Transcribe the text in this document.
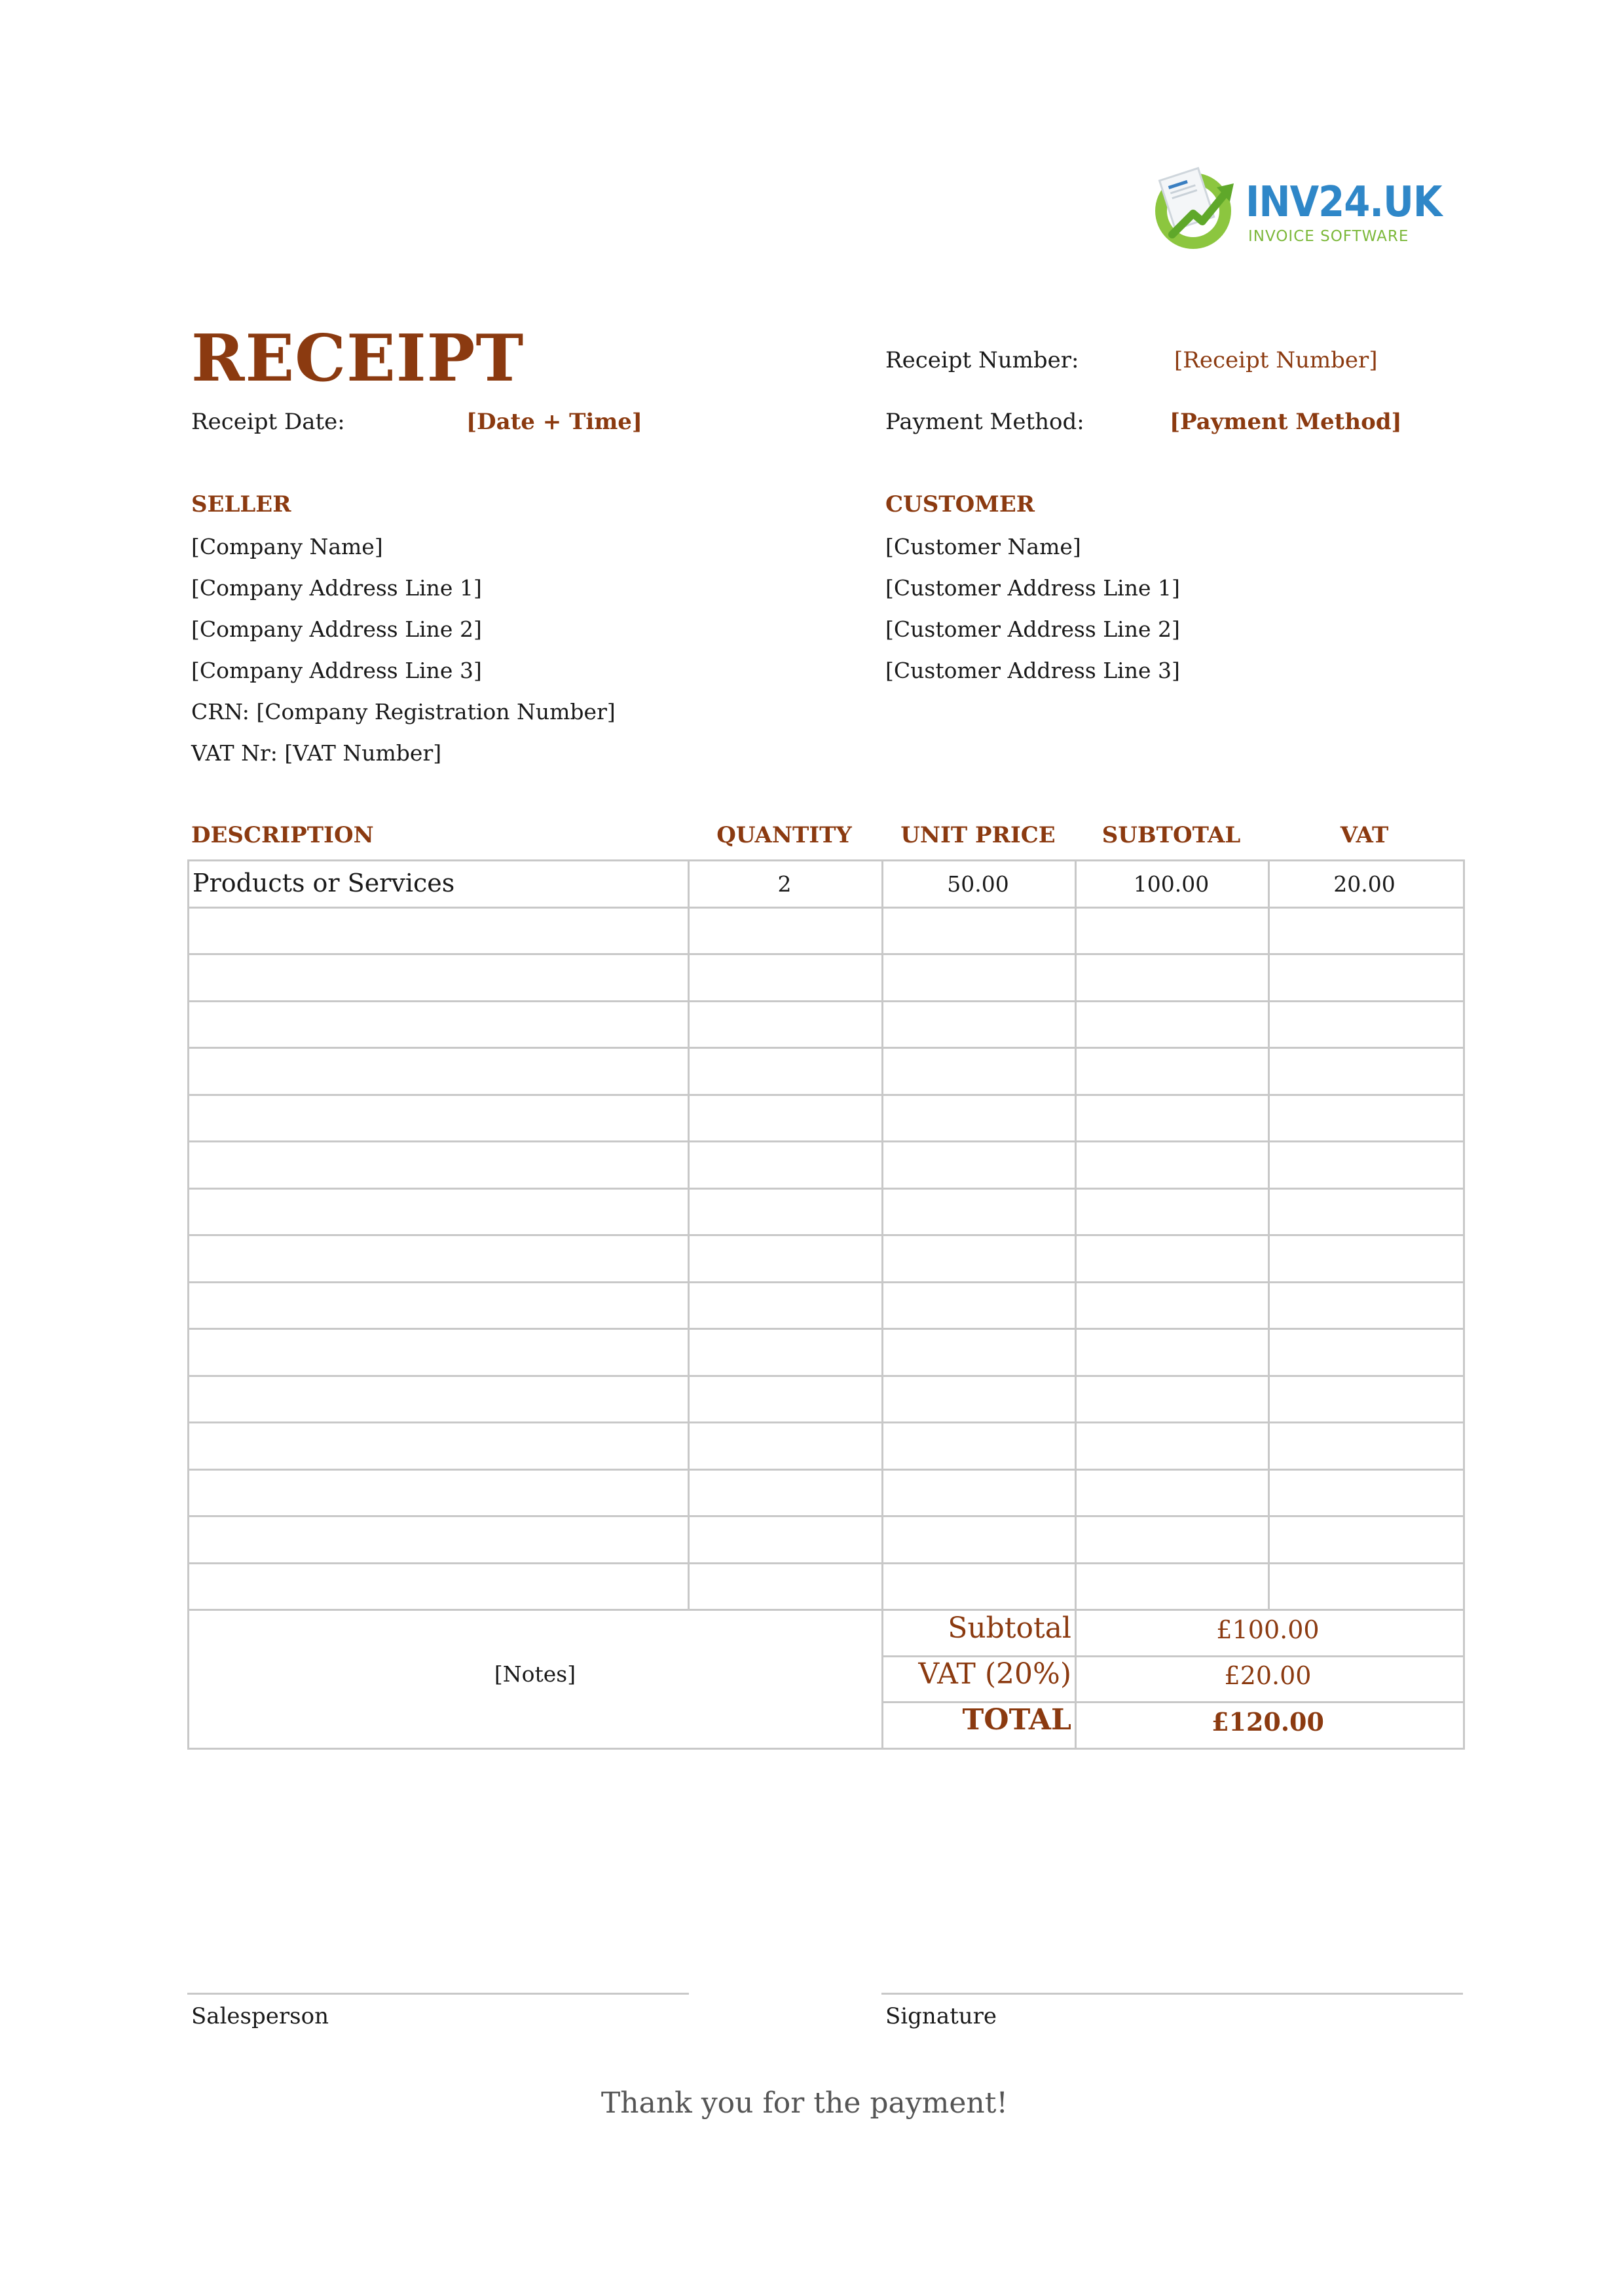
INV24.UK
INVOICE SOFTWARE
RECEIPT	Receipt Number:	[Receipt Number]
Receipt Date:	[Date + Time]	Payment Method:	[Payment Method]
SELLER
[Company Name]
[Company Address Line 1]
[Company Address Line 2]
[Company Address Line 3]
CRN: [Company Registration Number]
VAT Nr: [VAT Number]
CUSTOMER
[Customer Name]
[Customer Address Line 1]
[Customer Address Line 2]
[Customer Address Line 3]
DESCRIPTION	QUANTITY	UNIT PRICE	SUBTOTAL	VAT
Products or Services	2	50.00	100.00	20.00
[Notes]
Subtotal	£100.00
VAT (20%)	£20.00
TOTAL	£120.00
Salesperson	Signature
Thank you for the payment!
